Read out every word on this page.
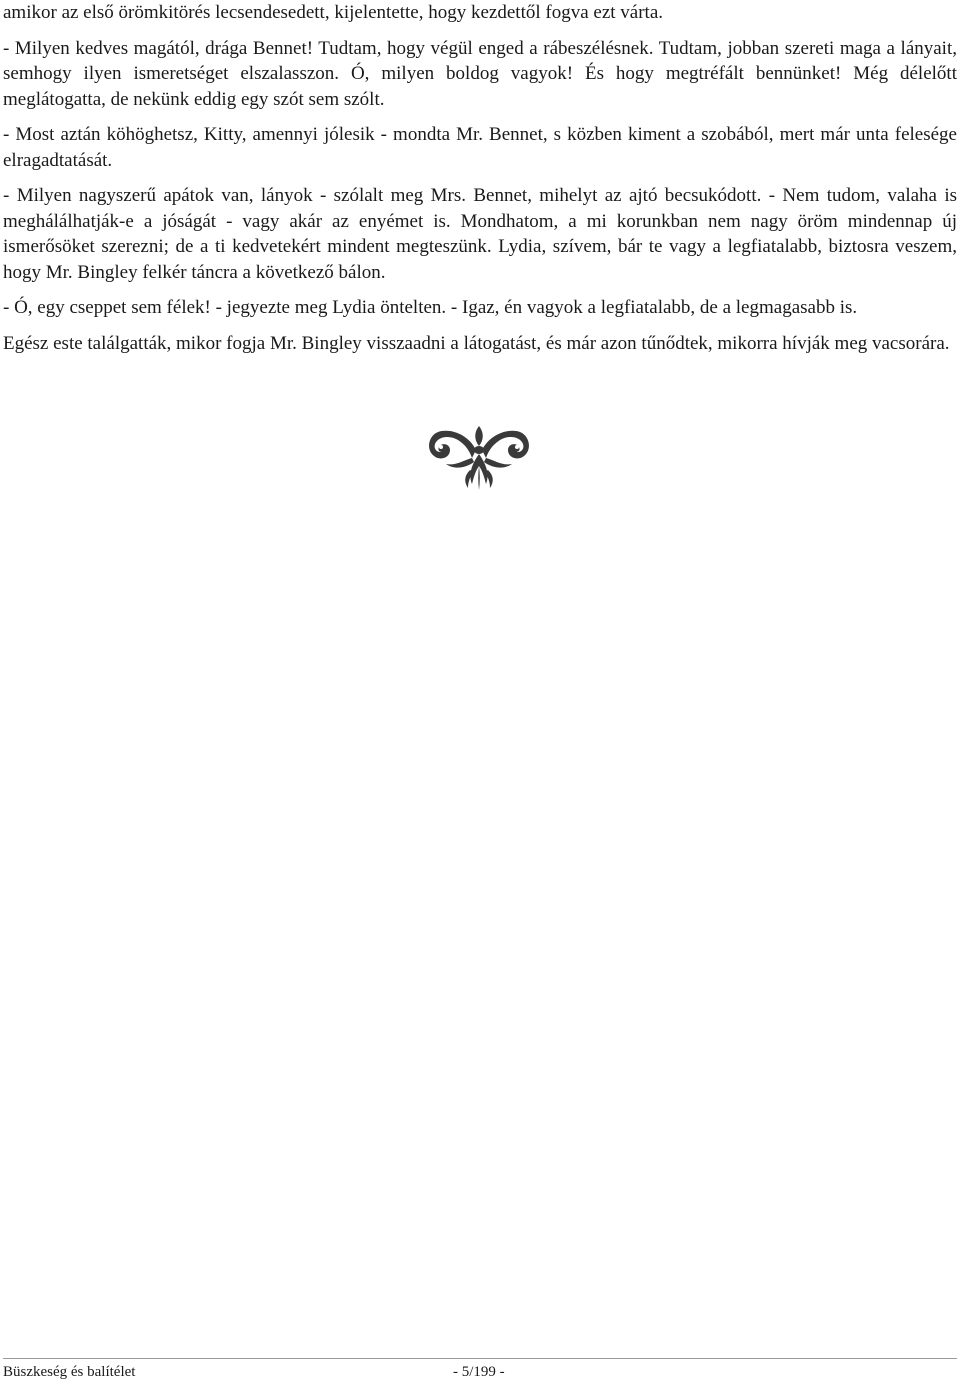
amikor az első örömkitörés lecsendesedett, kijelentette, hogy kezdettől fogva ezt várta.

- Milyen kedves magától, drága Bennet! Tudtam, hogy végül enged a rábeszélésnek. Tudtam, jobban szereti maga a lányait, semhogy ilyen ismeretséget elszalasszon. Ó, milyen boldog vagyok! És hogy megtréfált bennünket! Még délelőtt meglátogatta, de nekünk eddig egy szót sem szólt.

- Most aztán köhöghetsz, Kitty, amennyi jólesik - mondta Mr. Bennet, s közben kiment a szobából, mert már unta felesége elragadtatását.

- Milyen nagyszerű apátok van, lányok - szólalt meg Mrs. Bennet, mihelyt az ajtó becsukódott. - Nem tudom, valaha is meghálálhatják-e a jóságát - vagy akár az enyémet is. Mondhatom, a mi korunkban nem nagy öröm mindennap új ismerősöket szerezni; de a ti kedvetekért mindent megteszünk. Lydia, szívem, bár te vagy a legfiatalabb, biztosra veszem, hogy Mr. Bingley felkér táncra a következő bálon.

- Ó, egy cseppet sem félek! - jegyezte meg Lydia öntelten. - Igaz, én vagyok a legfiatalabb, de a legmagasabb is.

Egész este találgatták, mikor fogja Mr. Bingley visszaadni a látogatást, és már azon tűnődtek, mikorra hívják meg vacsorára.

Büszkeség és balítélet	- 5/199 -
